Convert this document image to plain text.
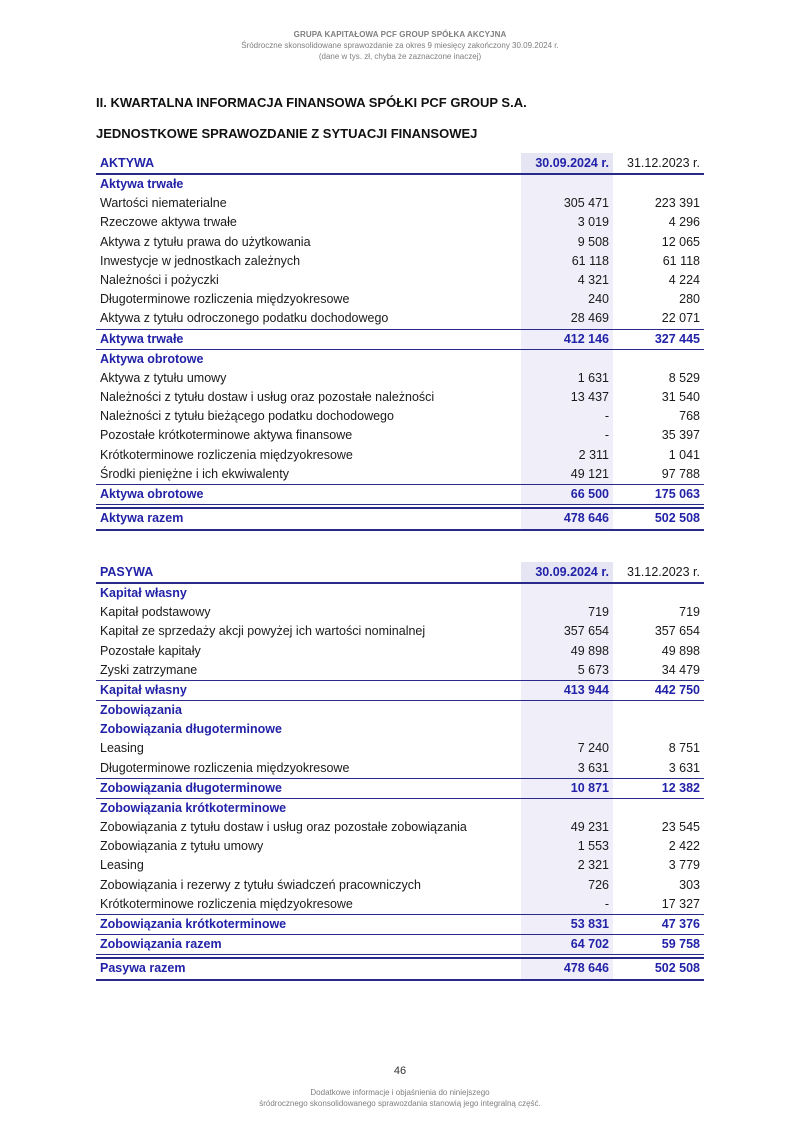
GRUPA KAPITAŁOWA PCF GROUP SPÓŁKA AKCYJNA
Śródroczne skonsolidowane sprawozdanie za okres 9 miesięcy zakończony 30.09.2024 r.
(dane w tys. zł, chyba że zaznaczone inaczej)
II. KWARTALNA INFORMACJA FINANSOWA SPÓŁKI PCF GROUP S.A.
JEDNOSTKOWE SPRAWOZDANIE Z SYTUACJI FINANSOWEJ
AKTYWA	30.09.2024 r.	31.12.2023 r.
Aktywa trwałe		
Wartości niematerialne	305 471	223 391
Rzeczowe aktywa trwałe	3 019	4 296
Aktywa z tytułu prawa do użytkowania	9 508	12 065
Inwestycje w jednostkach zależnych	61 118	61 118
Należności i pożyczki	4 321	4 224
Długoterminowe rozliczenia międzyokresowe	240	280
Aktywa z tytułu odroczonego podatku dochodowego	28 469	22 071
Aktywa trwałe	412 146	327 445
Aktywa obrotowe		
Aktywa z tytułu umowy	1 631	8 529
Należności z tytułu dostaw i usług oraz pozostałe należności	13 437	31 540
Należności z tytułu bieżącego podatku dochodowego	-	768
Pozostałe krótkoterminowe aktywa finansowe	-	35 397
Krótkoterminowe rozliczenia międzyokresowe	2 311	1 041
Środki pieniężne i ich ekwiwalenty	49 121	97 788
Aktywa obrotowe	66 500	175 063

Aktywa razem	478 646	502 508
PASYWA	30.09.2024 r.	31.12.2023 r.
Kapitał własny		
Kapitał podstawowy	719	719
Kapitał ze sprzedaży akcji powyżej ich wartości nominalnej	357 654	357 654
Pozostałe kapitały	49 898	49 898
Zyski zatrzymane	5 673	34 479
Kapitał własny	413 944	442 750
Zobowiązania		
Zobowiązania długoterminowe		
Leasing	7 240	8 751
Długoterminowe rozliczenia międzyokresowe	3 631	3 631
Zobowiązania długoterminowe	10 871	12 382
Zobowiązania krótkoterminowe		
Zobowiązania z tytułu dostaw i usług oraz pozostałe zobowiązania	49 231	23 545
Zobowiązania z tytułu umowy	1 553	2 422
Leasing	2 321	3 779
Zobowiązania i rezerwy z tytułu świadczeń pracowniczych	726	303
Krótkoterminowe rozliczenia międzyokresowe	-	17 327
Zobowiązania krótkoterminowe	53 831	47 376
Zobowiązania razem	64 702	59 758

Pasywa razem	478 646	502 508
46
Dodatkowe informacje i objaśnienia do niniejszego
śródrocznego skonsolidowanego sprawozdania stanowią jego integralną część.
